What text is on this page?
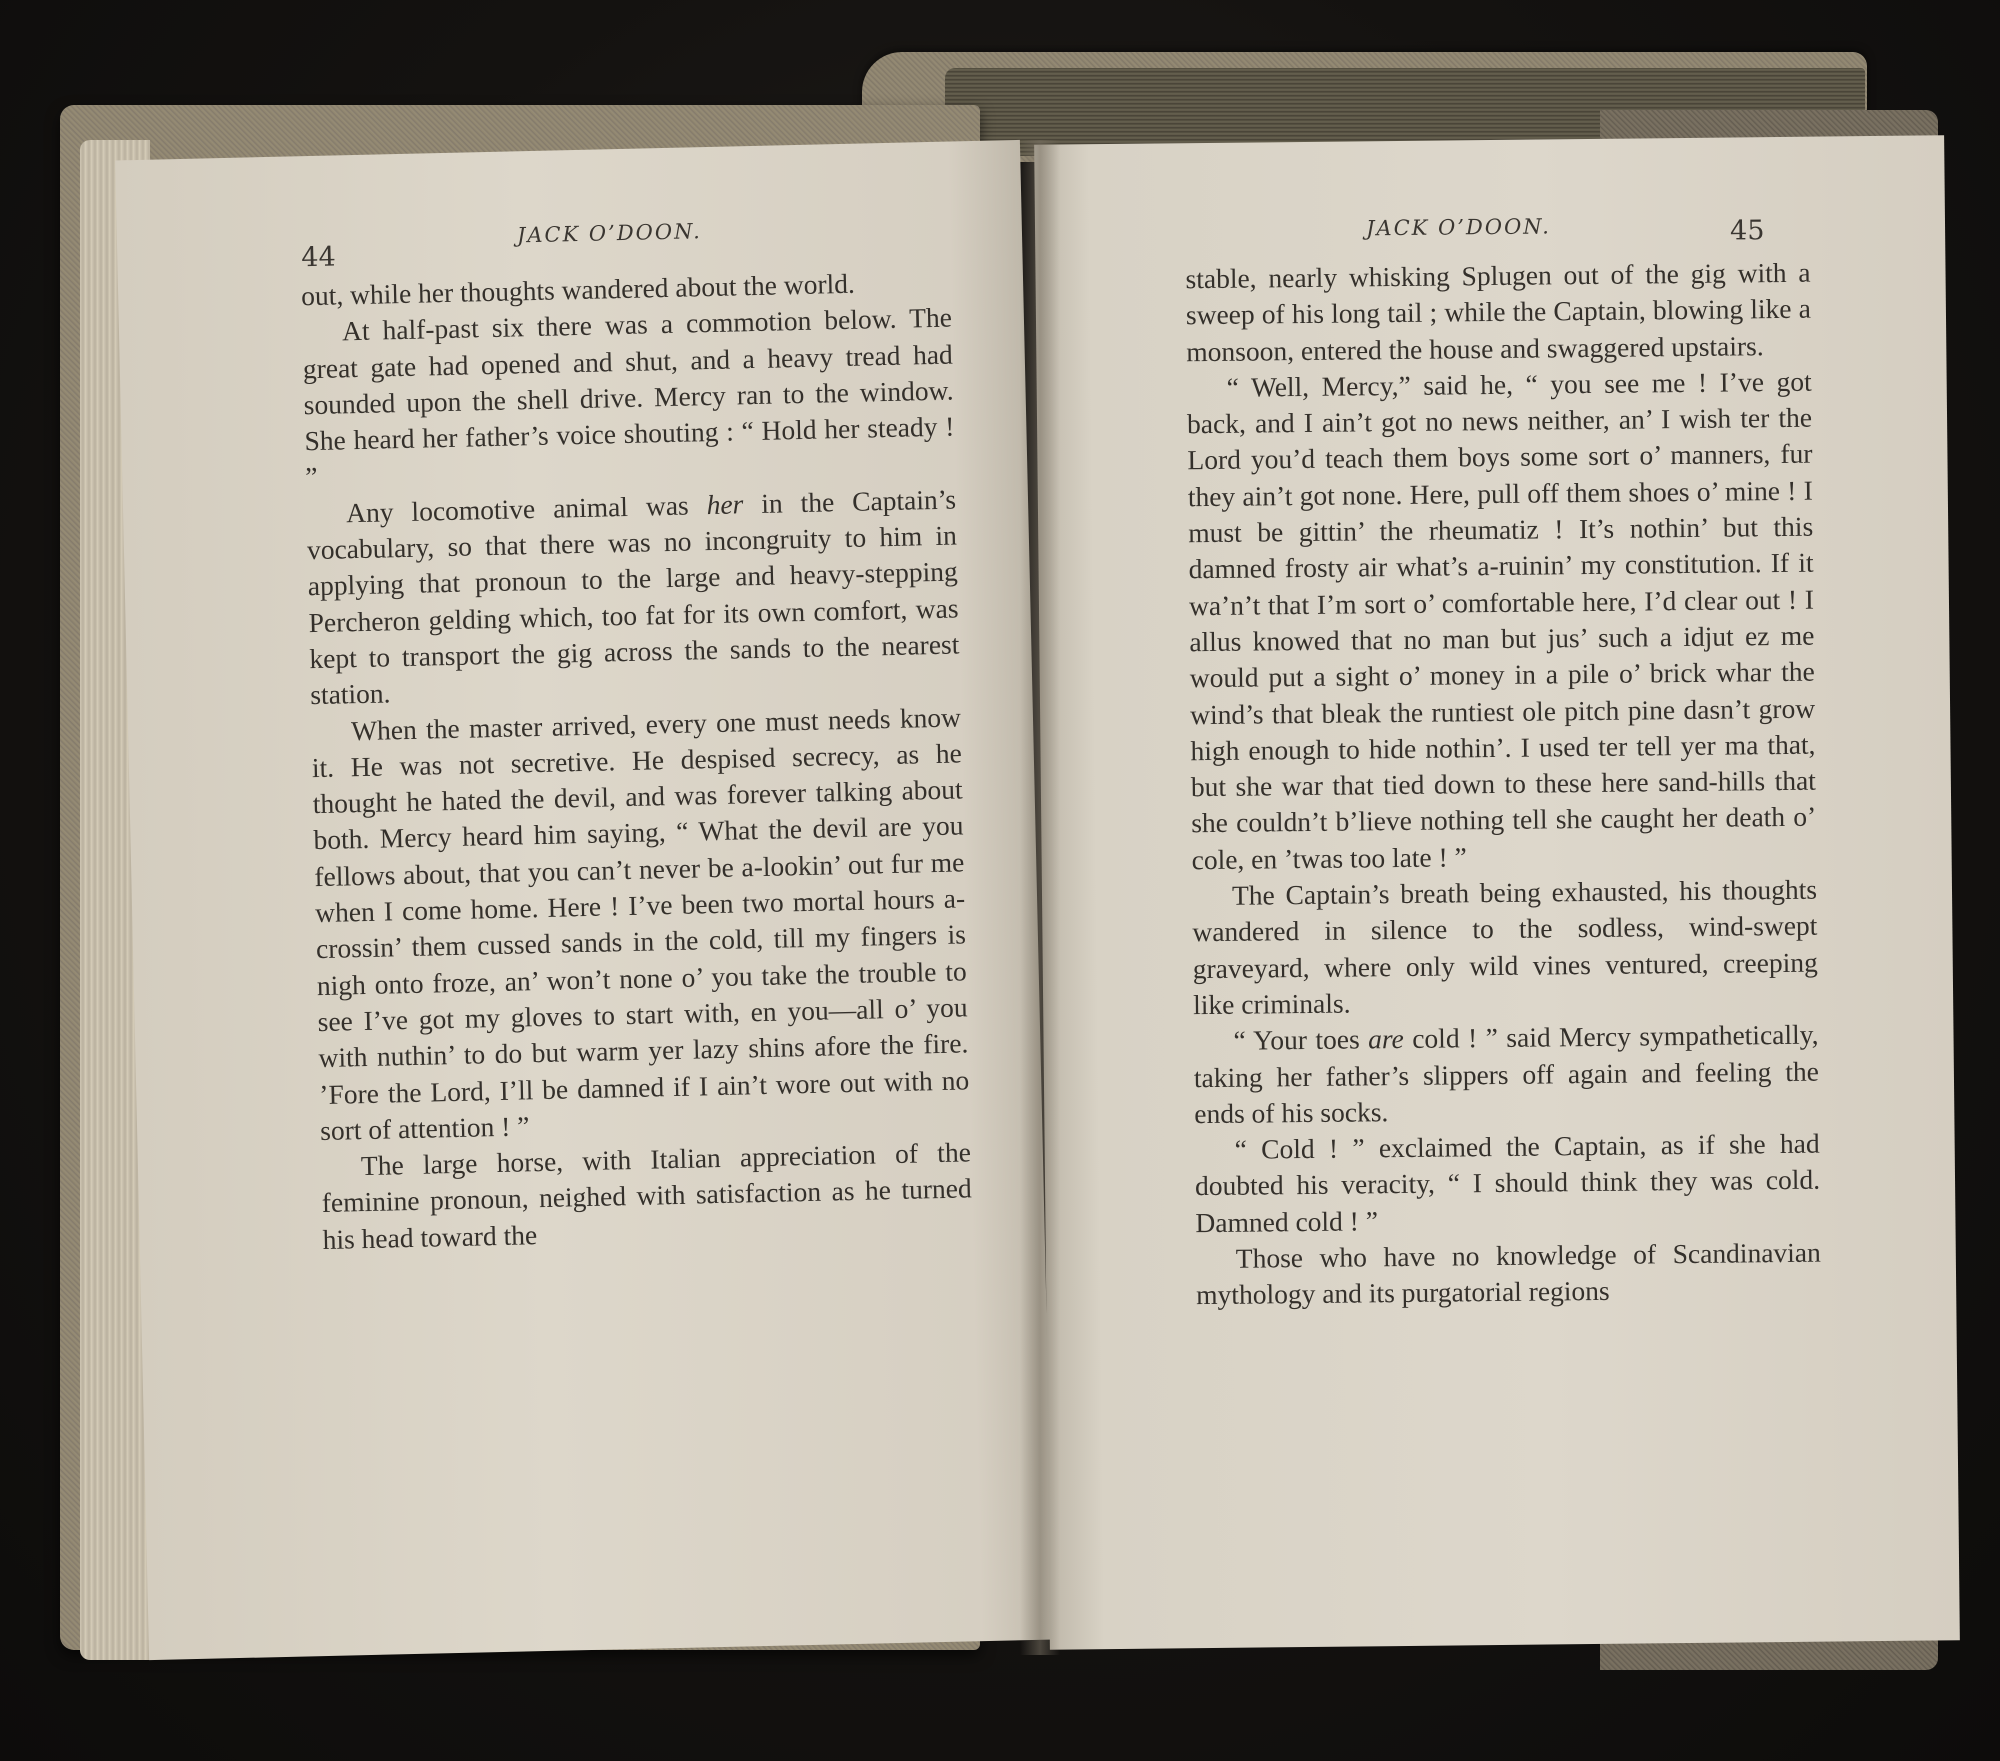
44
JACK O’DOON.

out, while her thoughts wandered about the world.

At half-past six there was a commotion below. The great gate had opened and shut, and a heavy tread had sounded upon the shell drive. Mercy ran to the window. She heard her father’s voice shouting : “ Hold her steady ! ”

Any locomotive animal was her in the Captain’s vocabulary, so that there was no incongruity to him in applying that pronoun to the large and heavy-stepping Percheron gelding which, too fat for its own comfort, was kept to transport the gig across the sands to the nearest station.

When the master arrived, every one must needs know it. He was not secretive. He despised secrecy, as he thought he hated the devil, and was forever talking about both. Mercy heard him saying, “ What the devil are you fellows about, that you can’t never be a-lookin’ out fur me when I come home. Here ! I’ve been two mortal hours a-crossin’ them cussed sands in the cold, till my fingers is nigh onto froze, an’ won’t none o’ you take the trouble to see I’ve got my gloves to start with, en you—all o’ you with nuthin’ to do but warm yer lazy shins afore the fire. ’Fore the Lord, I’ll be damned if I ain’t wore out with no sort of attention ! ”

The large horse, with Italian appreciation of the feminine pronoun, neighed with satisfaction as he turned his head toward the

JACK O’DOON.	45

stable, nearly whisking Splugen out of the gig with a sweep of his long tail ; while the Captain, blowing like a monsoon, entered the house and swaggered upstairs.

“ Well, Mercy,” said he, “ you see me ! I’ve got back, and I ain’t got no news neither, an’ I wish ter the Lord you’d teach them boys some sort o’ manners, fur they ain’t got none. Here, pull off them shoes o’ mine ! I must be gittin’ the rheumatiz ! It’s nothin’ but this damned frosty air what’s a-ruinin’ my constitution. If it wa’n’t that I’m sort o’ comfortable here, I’d clear out ! I allus knowed that no man but jus’ such a idjut ez me would put a sight o’ money in a pile o’ brick whar the wind’s that bleak the runtiest ole pitch pine dasn’t grow high enough to hide nothin’. I used ter tell yer ma that, but she war that tied down to these here sand-hills that she couldn’t b’lieve nothing tell she caught her death o’ cole, en ’twas too late ! ”

The Captain’s breath being exhausted, his thoughts wandered in silence to the sodless, wind-swept graveyard, where only wild vines ventured, creeping like criminals.

“ Your toes are cold ! ” said Mercy sympathetically, taking her father’s slippers off again and feeling the ends of his socks.

“ Cold ! ” exclaimed the Captain, as if she had doubted his veracity, “ I should think they was cold. Damned cold ! ”

Those who have no knowledge of Scandinavian mythology and its purgatorial regions
